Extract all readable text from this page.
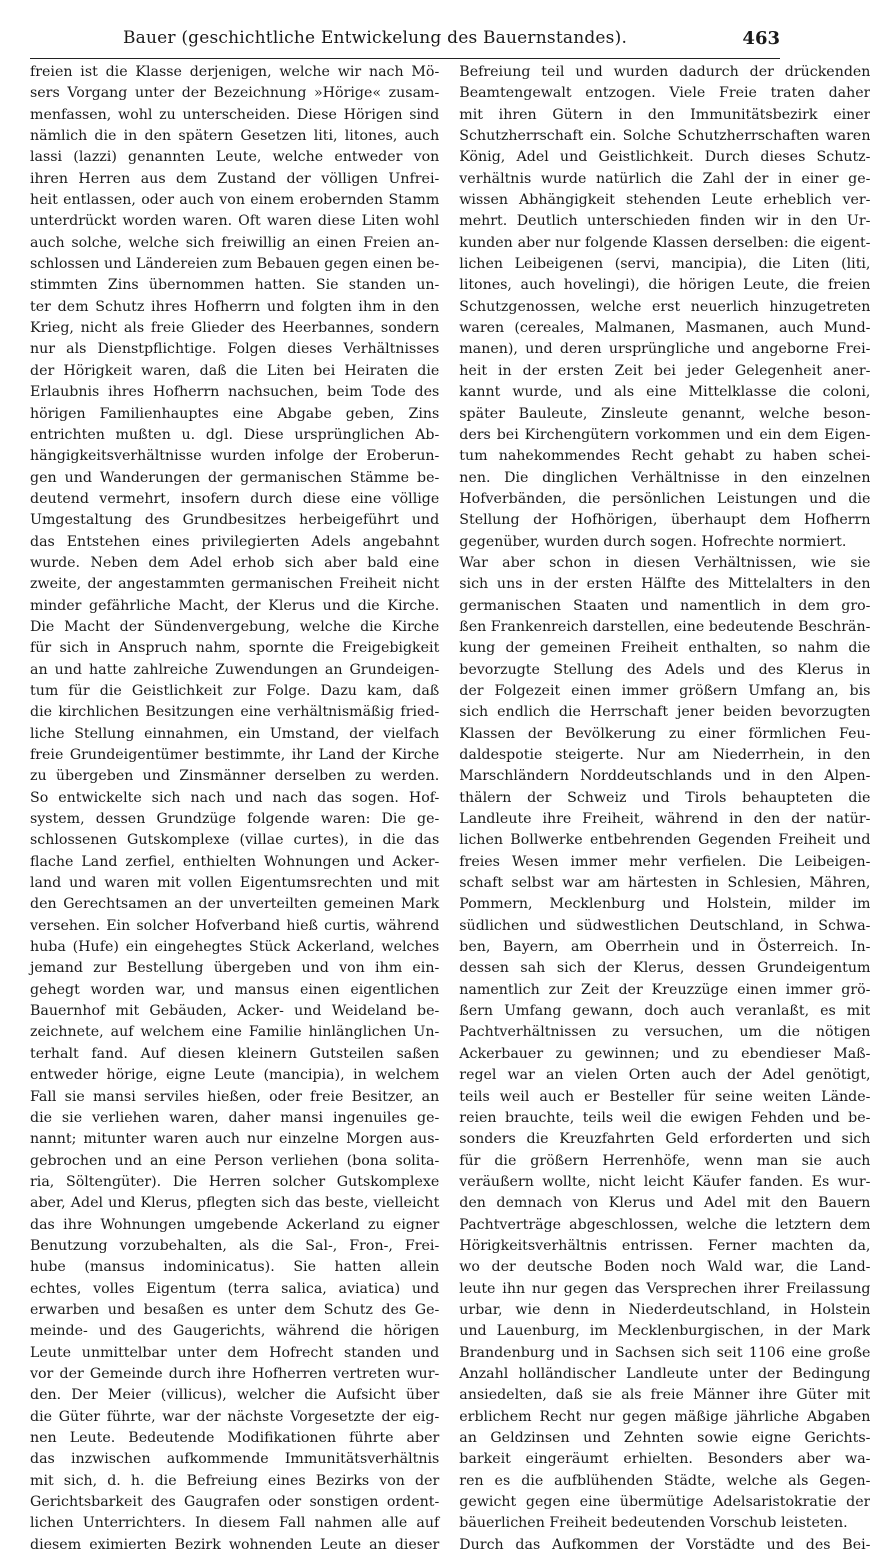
Bauer (geschichtliche Entwickelung des Bauernstandes).	463
freien ist die Klasse derjenigen, welche wir nach Mö-
sers Vorgang unter der Bezeichnung »Hörige« zusam-
menfassen, wohl zu unterscheiden. Diese Hörigen sind
nämlich die in den spätern Gesetzen liti, litones, auch
lassi (lazzi) genannten Leute, welche entweder von
ihren Herren aus dem Zustand der völligen Unfrei-
heit entlassen, oder auch von einem erobernden Stamm
unterdrückt worden waren. Oft waren diese Liten wohl
auch solche, welche sich freiwillig an einen Freien an-
schlossen und Ländereien zum Bebauen gegen einen be-
stimmten Zins übernommen hatten. Sie standen un-
ter dem Schutz ihres Hofherrn und folgten ihm in den
Krieg, nicht als freie Glieder des Heerbannes, sondern
nur als Dienstpflichtige. Folgen dieses Verhältnisses
der Hörigkeit waren, daß die Liten bei Heiraten die
Erlaubnis ihres Hofherrn nachsuchen, beim Tode des
hörigen Familienhauptes eine Abgabe geben, Zins
entrichten mußten u. dgl. Diese ursprünglichen Ab-
hängigkeitsverhältnisse wurden infolge der Eroberun-
gen und Wanderungen der germanischen Stämme be-
deutend vermehrt, insofern durch diese eine völlige
Umgestaltung des Grundbesitzes herbeigeführt und
das Entstehen eines privilegierten Adels angebahnt
wurde. Neben dem Adel erhob sich aber bald eine
zweite, der angestammten germanischen Freiheit nicht
minder gefährliche Macht, der Klerus und die Kirche.
Die Macht der Sündenvergebung, welche die Kirche
für sich in Anspruch nahm, spornte die Freigebigkeit
an und hatte zahlreiche Zuwendungen an Grundeigen-
tum für die Geistlichkeit zur Folge. Dazu kam, daß
die kirchlichen Besitzungen eine verhältnismäßig fried-
liche Stellung einnahmen, ein Umstand, der vielfach
freie Grundeigentümer bestimmte, ihr Land der Kirche
zu übergeben und Zinsmänner derselben zu werden.
So entwickelte sich nach und nach das sogen. Hof-
system, dessen Grundzüge folgende waren: Die ge-
schlossenen Gutskomplexe (villae curtes), in die das
flache Land zerfiel, enthielten Wohnungen und Acker-
land und waren mit vollen Eigentumsrechten und mit
den Gerechtsamen an der unverteilten gemeinen Mark
versehen. Ein solcher Hofverband hieß curtis, während
huba (Hufe) ein eingehegtes Stück Ackerland, welches
jemand zur Bestellung übergeben und von ihm ein-
gehegt worden war, und mansus einen eigentlichen
Bauernhof mit Gebäuden, Acker- und Weideland be-
zeichnete, auf welchem eine Familie hinlänglichen Un-
terhalt fand. Auf diesen kleinern Gutsteilen saßen
entweder hörige, eigne Leute (mancipia), in welchem
Fall sie mansi serviles hießen, oder freie Besitzer, an
die sie verliehen waren, daher mansi ingenuiles ge-
nannt; mitunter waren auch nur einzelne Morgen aus-
gebrochen und an eine Person verliehen (bona solita-
ria, Söltengüter). Die Herren solcher Gutskomplexe
aber, Adel und Klerus, pflegten sich das beste, vielleicht
das ihre Wohnungen umgebende Ackerland zu eigner
Benutzung vorzubehalten, als die Sal-, Fron-, Frei-
hube (mansus indominicatus). Sie hatten allein
echtes, volles Eigentum (terra salica, aviatica) und
erwarben und besaßen es unter dem Schutz des Ge-
meinde- und des Gaugerichts, während die hörigen
Leute unmittelbar unter dem Hofrecht standen und
vor der Gemeinde durch ihre Hofherren vertreten wur-
den. Der Meier (villicus), welcher die Aufsicht über
die Güter führte, war der nächste Vorgesetzte der eig-
nen Leute. Bedeutende Modifikationen führte aber
das inzwischen aufkommende Immunitätsverhältnis
mit sich, d. h. die Befreiung eines Bezirks von der
Gerichtsbarkeit des Gaugrafen oder sonstigen ordent-
lichen Unterrichters. In diesem Fall nahmen alle auf
diesem eximierten Bezirk wohnenden Leute an dieser
Befreiung teil und wurden dadurch der drückenden
Beamtengewalt entzogen. Viele Freie traten daher
mit ihren Gütern in den Immunitätsbezirk einer
Schutzherrschaft ein. Solche Schutzherrschaften waren
König, Adel und Geistlichkeit. Durch dieses Schutz-
verhältnis wurde natürlich die Zahl der in einer ge-
wissen Abhängigkeit stehenden Leute erheblich ver-
mehrt. Deutlich unterschieden finden wir in den Ur-
kunden aber nur folgende Klassen derselben: die eigent-
lichen Leibeigenen (servi, mancipia), die Liten (liti,
litones, auch hovelingi), die hörigen Leute, die freien
Schutzgenossen, welche erst neuerlich hinzugetreten
waren (cereales, Malmanen, Masmanen, auch Mund-
manen), und deren ursprüngliche und angeborne Frei-
heit in der ersten Zeit bei jeder Gelegenheit aner-
kannt wurde, und als eine Mittelklasse die coloni,
später Bauleute, Zinsleute genannt, welche beson-
ders bei Kirchengütern vorkommen und ein dem Eigen-
tum nahekommendes Recht gehabt zu haben schei-
nen. Die dinglichen Verhältnisse in den einzelnen
Hofverbänden, die persönlichen Leistungen und die
Stellung der Hofhörigen, überhaupt dem Hofherrn
gegenüber, wurden durch sogen. Hofrechte normiert.
War aber schon in diesen Verhältnissen, wie sie
sich uns in der ersten Hälfte des Mittelalters in den
germanischen Staaten und namentlich in dem gro-
ßen Frankenreich darstellen, eine bedeutende Beschrän-
kung der gemeinen Freiheit enthalten, so nahm die
bevorzugte Stellung des Adels und des Klerus in
der Folgezeit einen immer größern Umfang an, bis
sich endlich die Herrschaft jener beiden bevorzugten
Klassen der Bevölkerung zu einer förmlichen Feu-
daldespotie steigerte. Nur am Niederrhein, in den
Marschländern Norddeutschlands und in den Alpen-
thälern der Schweiz und Tirols behaupteten die
Landleute ihre Freiheit, während in den der natür-
lichen Bollwerke entbehrenden Gegenden Freiheit und
freies Wesen immer mehr verfielen. Die Leibeigen-
schaft selbst war am härtesten in Schlesien, Mähren,
Pommern, Mecklenburg und Holstein, milder im
südlichen und südwestlichen Deutschland, in Schwa-
ben, Bayern, am Oberrhein und in Österreich. In-
dessen sah sich der Klerus, dessen Grundeigentum
namentlich zur Zeit der Kreuzzüge einen immer grö-
ßern Umfang gewann, doch auch veranlaßt, es mit
Pachtverhältnissen zu versuchen, um die nötigen
Ackerbauer zu gewinnen; und zu ebendieser Maß-
regel war an vielen Orten auch der Adel genötigt,
teils weil auch er Besteller für seine weiten Lände-
reien brauchte, teils weil die ewigen Fehden und be-
sonders die Kreuzfahrten Geld erforderten und sich
für die größern Herrenhöfe, wenn man sie auch
veräußern wollte, nicht leicht Käufer fanden. Es wur-
den demnach von Klerus und Adel mit den Bauern
Pachtverträge abgeschlossen, welche die letztern dem
Hörigkeitsverhältnis entrissen. Ferner machten da,
wo der deutsche Boden noch Wald war, die Land-
leute ihn nur gegen das Versprechen ihrer Freilassung
urbar, wie denn in Niederdeutschland, in Holstein
und Lauenburg, im Mecklenburgischen, in der Mark
Brandenburg und in Sachsen sich seit 1106 eine große
Anzahl holländischer Landleute unter der Bedingung
ansiedelten, daß sie als freie Männer ihre Güter mit
erblichem Recht nur gegen mäßige jährliche Abgaben
an Geldzinsen und Zehnten sowie eigne Gerichts-
barkeit eingeräumt erhielten. Besonders aber wa-
ren es die aufblühenden Städte, welche als Gegen-
gewicht gegen eine übermütige Adelsaristokratie der
bäuerlichen Freiheit bedeutenden Vorschub leisteten.
Durch das Aufkommen der Vorstädte und des Bei-
